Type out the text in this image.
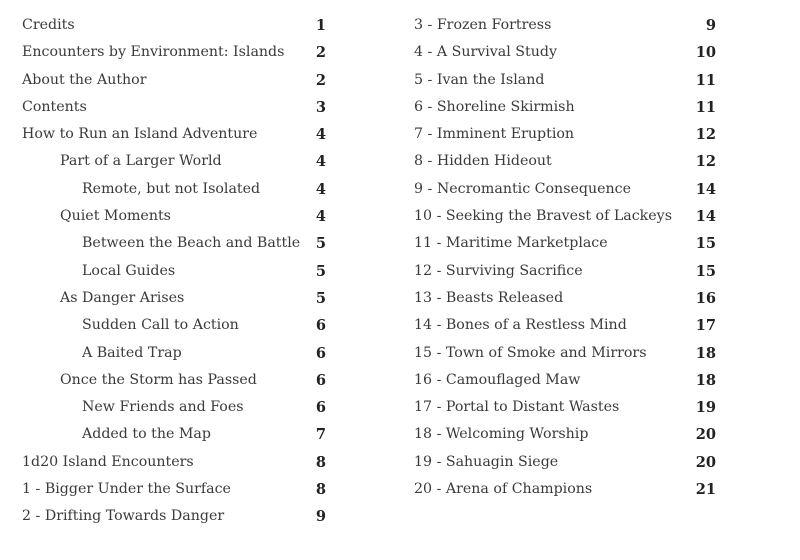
Credits	1
Encounters by Environment: Islands 2
About the Author	2
Contents	3
How to Run an Island Adventure	4
Part of a Larger World	4
Remote, but not Isolated	4
Quiet Moments	4
Between the Beach and Battle 5
Local Guides	5
As Danger Arises	5
Sudden Call to Action	6
A Baited Trap	6
Once the Storm has Passed	6
New Friends and Foes	6
Added to the Map	7
1d20 Island Encounters	8
1 - Bigger Under the Surface	8
2 - Drifting Towards Danger	9
3 - Frozen Fortress	9
4 - A Survival Study	10
5 - Ivan the Island	11
6 - Shoreline Skirmish	11
7 - Imminent Eruption	12
8 - Hidden Hideout	12
9 - Necromantic Consequence	14
10 - Seeking the Bravest of Lackeys 14
11 - Maritime Marketplace	15
12 - Surviving Sacrifice	15
13 - Beasts Released	16
14 - Bones of a Restless Mind	17
15 - Town of Smoke and Mirrors	18
16 - Camouflaged Maw	18
17 - Portal to Distant Wastes	19
18 - Welcoming Worship	20
19 - Sahuagin Siege	20
20 - Arena of Champions	21
